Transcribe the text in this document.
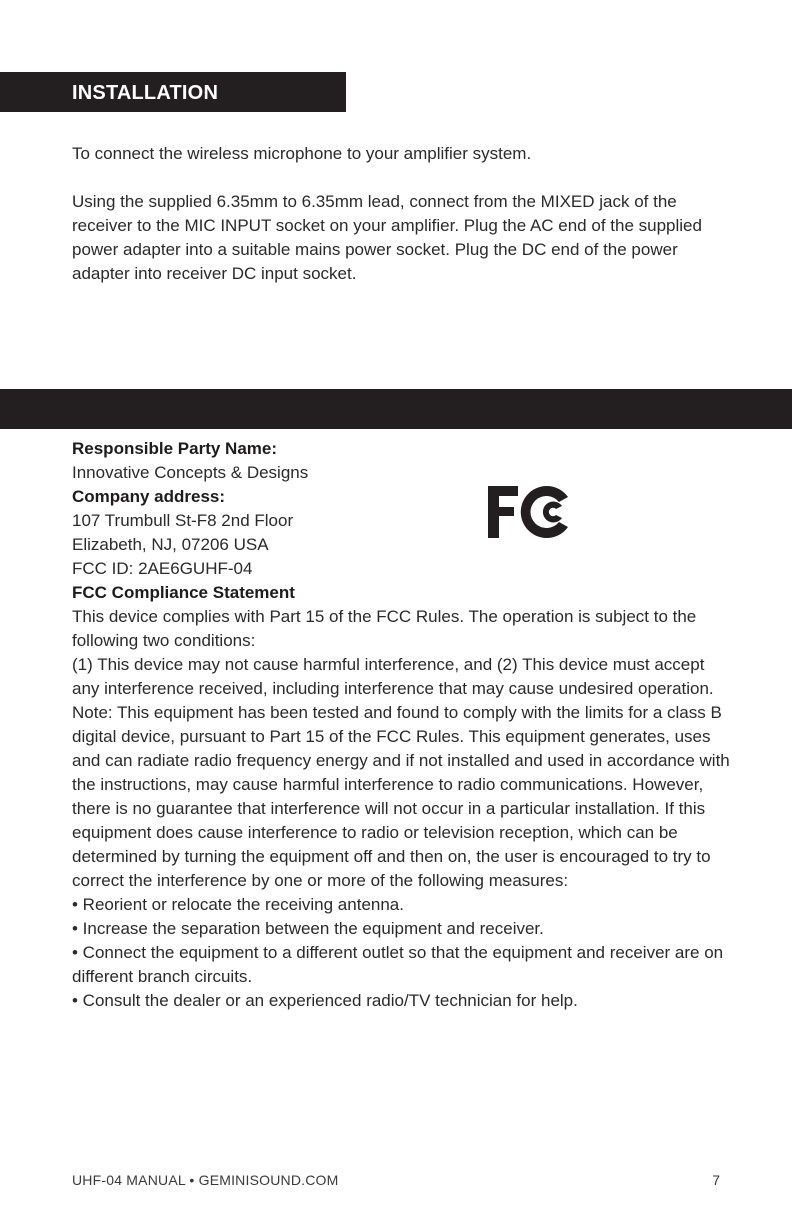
INSTALLATION

To connect the wireless microphone to your amplifier system.

Using the supplied 6.35mm to 6.35mm lead, connect from the MIXED jack of the receiver to the MIC INPUT socket on your amplifier. Plug the AC end of the supplied power adapter into a suitable mains power socket. Plug the DC end of the power adapter into receiver DC input socket.

Responsible Party Name:
Innovative Concepts & Designs
Company address:
107 Trumbull St-F8 2nd Floor
Elizabeth, NJ, 07206 USA
FCC ID: 2AE6GUHF-04
FCC Compliance Statement
This device complies with Part 15 of the FCC Rules. The operation is subject to the following two conditions:
(1) This device may not cause harmful interference, and (2) This device must accept any interference received, including interference that may cause undesired operation.
Note: This equipment has been tested and found to comply with the limits for a class B digital device, pursuant to Part 15 of the FCC Rules. This equipment generates, uses and can radiate radio frequency energy and if not installed and used in accordance with the instructions, may cause harmful interference to radio communications. However, there is no guarantee that interference will not occur in a particular installation. If this equipment does cause interference to radio or television reception, which can be determined by turning the equipment off and then on, the user is encouraged to try to correct the interference by one or more of the following measures:
• Reorient or relocate the receiving antenna.
• Increase the separation between the equipment and receiver.
• Connect the equipment to a different outlet so that the equipment and receiver are on different branch circuits.
• Consult the dealer or an experienced radio/TV technician for help.
UHF-04 MANUAL • GEMINISOUND.COM	7
